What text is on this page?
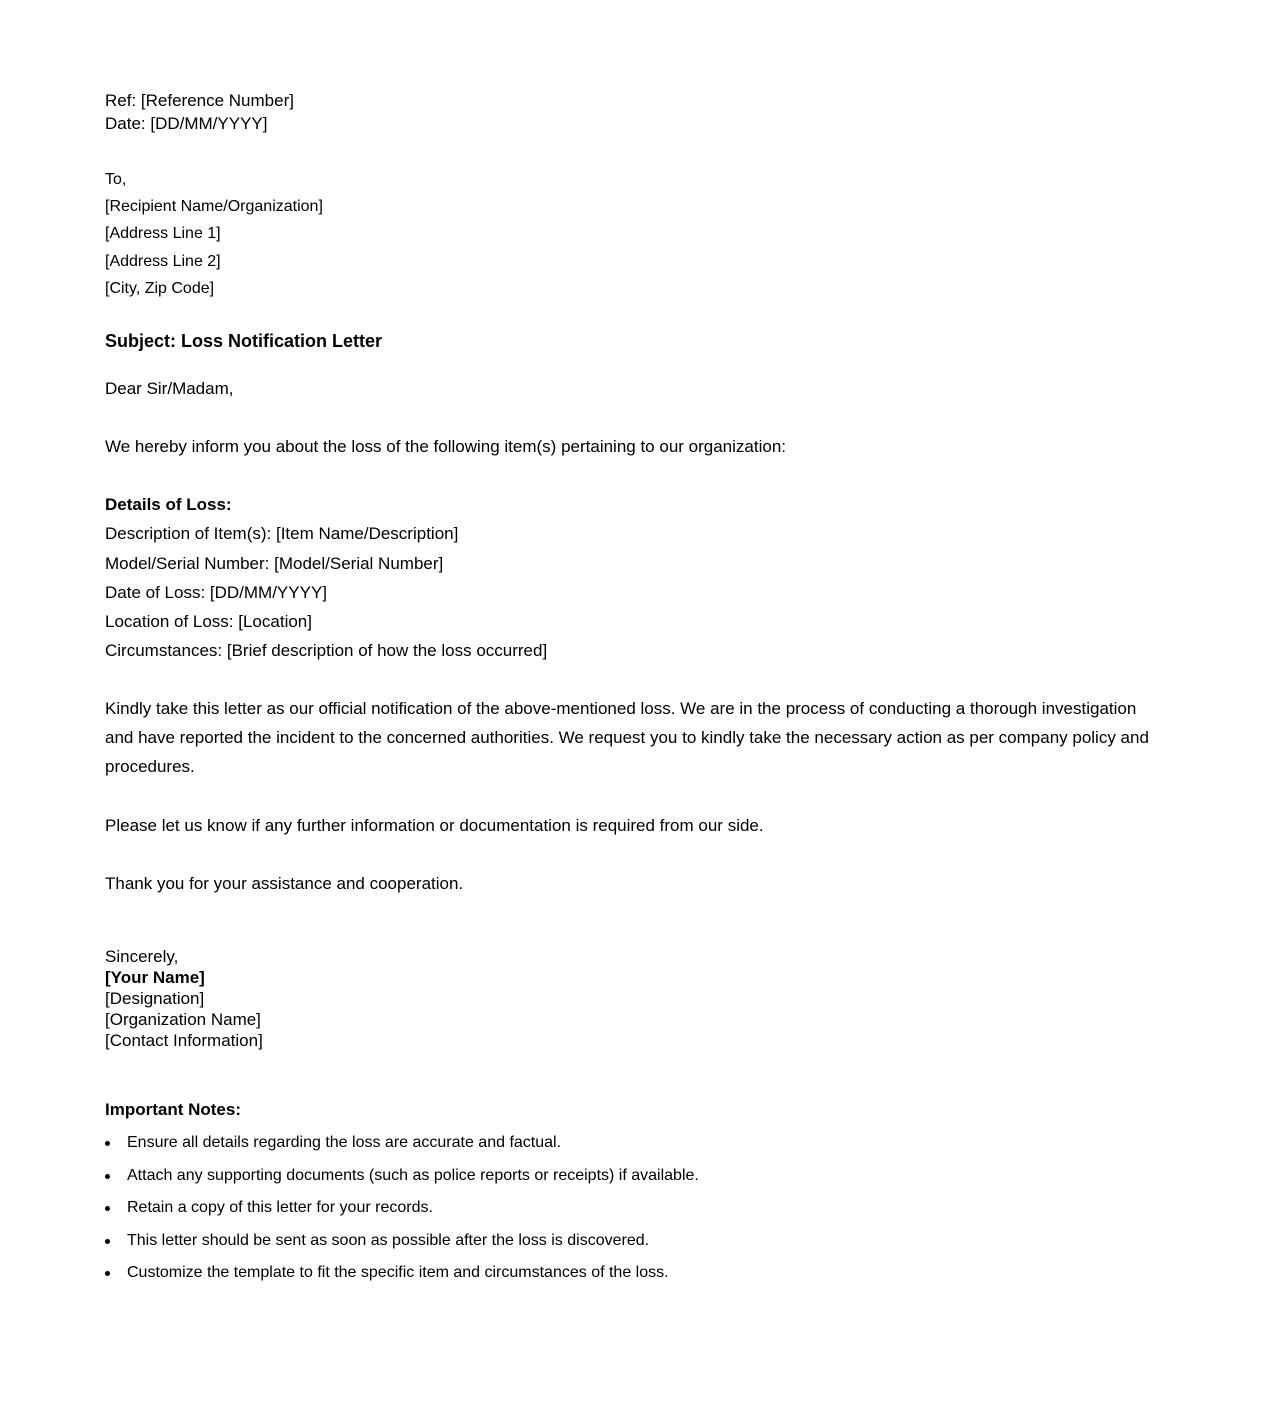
Ref: [Reference Number]
Date: [DD/MM/YYYY]
To,
[Recipient Name/Organization]
[Address Line 1]
[Address Line 2]
[City, Zip Code]
Subject: Loss Notification Letter
Dear Sir/Madam,
We hereby inform you about the loss of the following item(s) pertaining to our organization:
Details of Loss:
Description of Item(s): [Item Name/Description]
Model/Serial Number: [Model/Serial Number]
Date of Loss: [DD/MM/YYYY]
Location of Loss: [Location]
Circumstances: [Brief description of how the loss occurred]
Kindly take this letter as our official notification of the above-mentioned loss. We are in the process of conducting a thorough investigation and have reported the incident to the concerned authorities. We request you to kindly take the necessary action as per company policy and procedures.
Please let us know if any further information or documentation is required from our side.
Thank you for your assistance and cooperation.
Sincerely,
[Your Name]
[Designation]
[Organization Name]
[Contact Information]
Important Notes:
Ensure all details regarding the loss are accurate and factual.
Attach any supporting documents (such as police reports or receipts) if available.
Retain a copy of this letter for your records.
This letter should be sent as soon as possible after the loss is discovered.
Customize the template to fit the specific item and circumstances of the loss.
